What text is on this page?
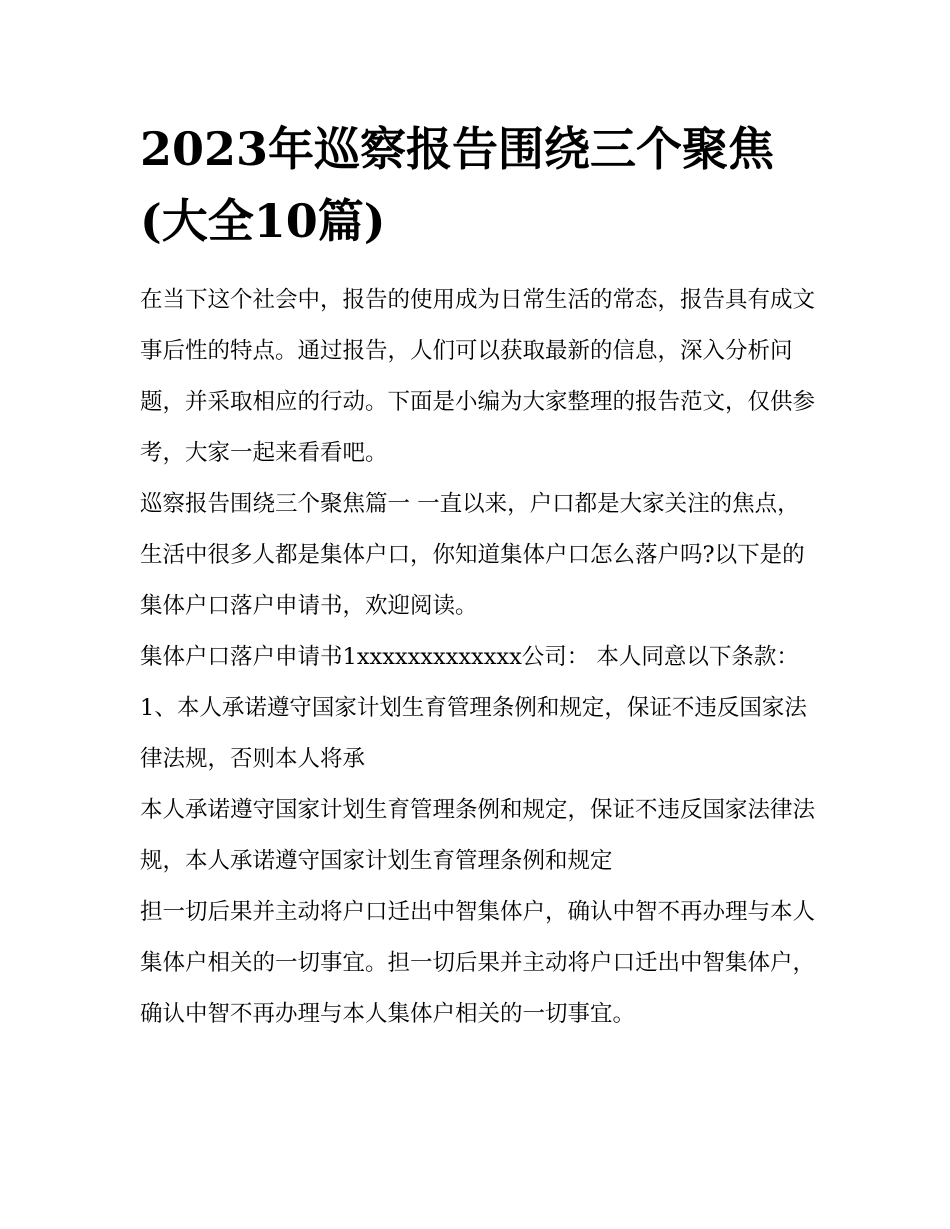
2023年巡察报告围绕三个聚焦(大全10篇)

在当下这个社会中，报告的使用成为日常生活的常态，报告具有成文事后性的特点。通过报告，人们可以获取最新的信息，深入分析问题，并采取相应的行动。下面是小编为大家整理的报告范文，仅供参考，大家一起来看看吧。

巡察报告围绕三个聚焦篇一 一直以来，户口都是大家关注的焦点，生活中很多人都是集体户口，你知道集体户口怎么落户吗?以下是的集体户口落户申请书，欢迎阅读。

集体户口落户申请书1xxxxxxxxxxxxx公司： 本人同意以下条款： 1、本人承诺遵守国家计划生育管理条例和规定，保证不违反国家法律法规，否则本人将承

本人承诺遵守国家计划生育管理条例和规定，保证不违反国家法律法规，本人承诺遵守国家计划生育管理条例和规定

担一切后果并主动将户口迁出中智集体户，确认中智不再办理与本人集体户相关的一切事宜。担一切后果并主动将户口迁出中智集体户，确认中智不再办理与本人集体户相关的一切事宜。
